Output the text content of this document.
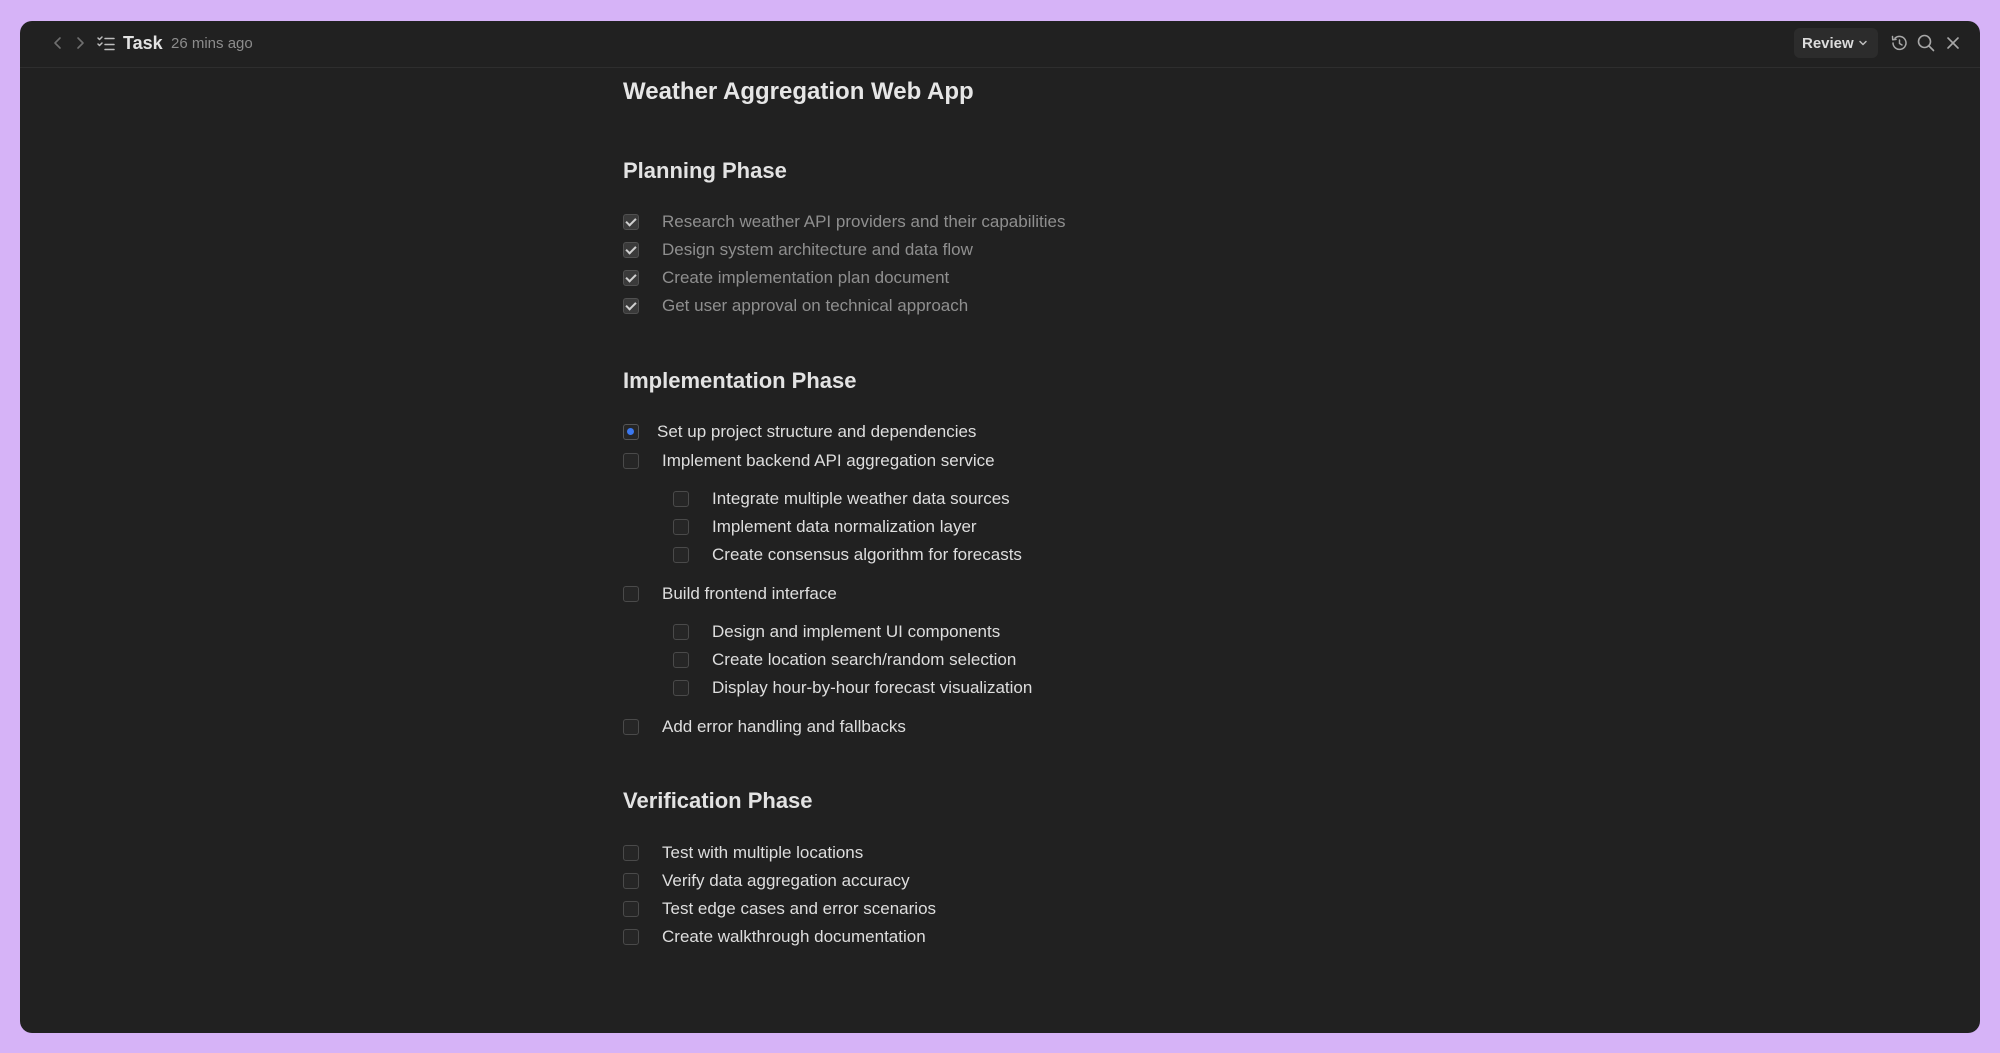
Task 26 mins ago	Review
Weather Aggregation Web App
Planning Phase
Research weather API providers and their capabilities
Design system architecture and data flow
Create implementation plan document
Get user approval on technical approach
Implementation Phase
Set up project structure and dependencies
Implement backend API aggregation service
Integrate multiple weather data sources
Implement data normalization layer
Create consensus algorithm for forecasts
Build frontend interface
Design and implement UI components
Create location search/random selection
Display hour-by-hour forecast visualization
Add error handling and fallbacks
Verification Phase
Test with multiple locations
Verify data aggregation accuracy
Test edge cases and error scenarios
Create walkthrough documentation
